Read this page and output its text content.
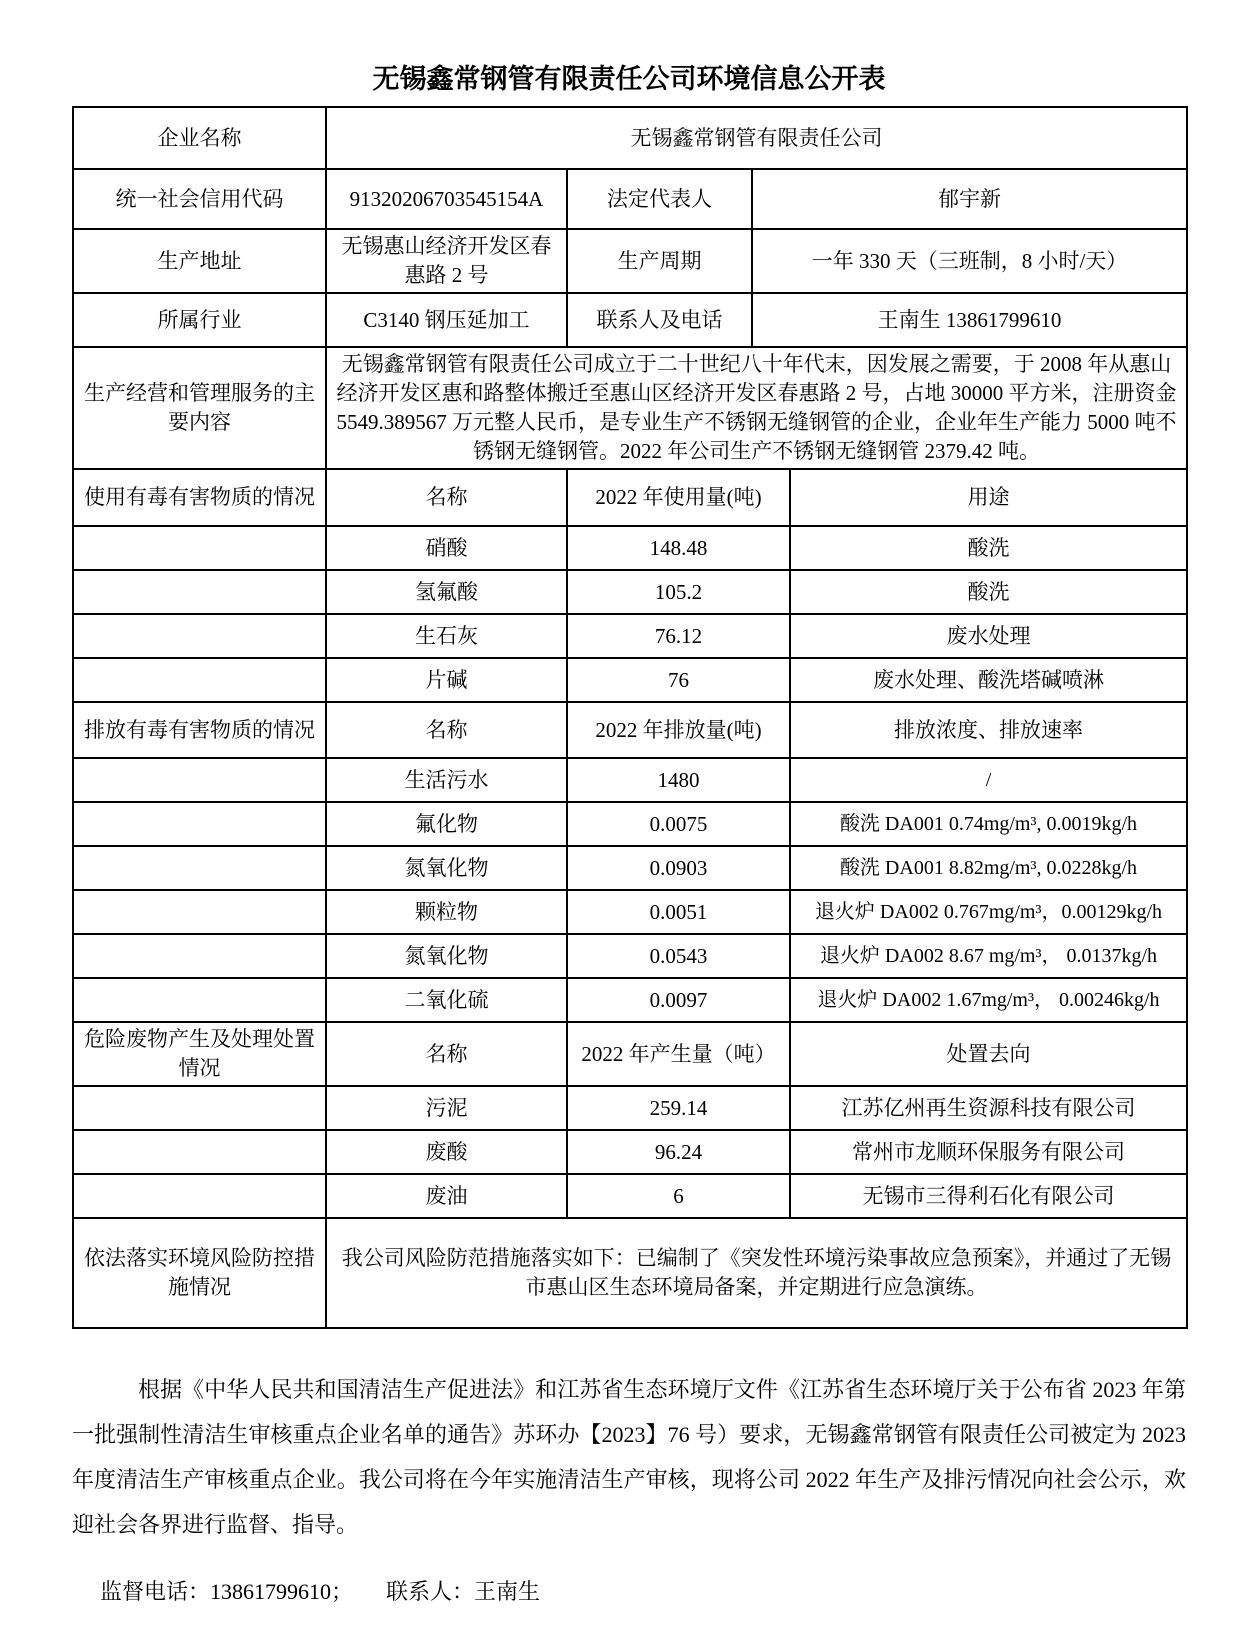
无锡鑫常钢管有限责任公司环境信息公开表
企业名称	无锡鑫常钢管有限责任公司		
统一社会信用代码	91320206703545154A	法定代表人	郁宇新
生产地址	无锡惠山经济开发区春惠路 2 号	生产周期	一年 330 天（三班制，8 小时/天）
所属行业	C3140 钢压延加工	联系人及电话	王南生 13861799610
生产经营和管理服务的主要内容	无锡鑫常钢管有限责任公司成立于二十世纪八十年代末，因发展之需要，于 2008 年从惠山经济开发区惠和路整体搬迁至惠山区经济开发区春惠路 2 号，占地 30000 平方米，注册资金 5549.389567 万元整人民币，是专业生产不锈钢无缝钢管的企业，企业年生产能力 5000 吨不锈钢无缝钢管。2022 年公司生产不锈钢无缝钢管 2379.42 吨。		
使用有毒有害物质的情况	名称	2022 年使用量(吨)	用途
	硝酸	148.48	酸洗
	氢氟酸	105.2	酸洗
	生石灰	76.12	废水处理
	片碱	76	废水处理、酸洗塔碱喷淋
排放有毒有害物质的情况	名称	2022 年排放量(吨)	排放浓度、排放速率
	生活污水	1480	/
	氟化物	0.0075	酸洗 DA001 0.74mg/m³, 0.0019kg/h
	氮氧化物	0.0903	酸洗 DA001 8.82mg/m³, 0.0228kg/h
	颗粒物	0.0051	退火炉 DA002 0.767mg/m³，0.00129kg/h
	氮氧化物	0.0543	退火炉 DA002 8.67 mg/m³， 0.0137kg/h
	二氧化硫	0.0097	退火炉 DA002 1.67mg/m³， 0.00246kg/h
危险废物产生及处理处置情况	名称	2022 年产生量（吨）	处置去向
	污泥	259.14	江苏亿州再生资源科技有限公司
	废酸	96.24	常州市龙顺环保服务有限公司
	废油	6	无锡市三得利石化有限公司
依法落实环境风险防控措施情况	我公司风险防范措施落实如下：已编制了《突发性环境污染事故应急预案》，并通过了无锡市惠山区生态环境局备案，并定期进行应急演练。		

根据《中华人民共和国清洁生产促进法》和江苏省生态环境厅文件《江苏省生态环境厅关于公布省 2023 年第一批强制性清洁生审核重点企业名单的通告》苏环办【2023】76 号）要求，无锡鑫常钢管有限责任公司被定为 2023 年度清洁生产审核重点企业。我公司将在今年实施清洁生产审核，现将公司 2022 年生产及排污情况向社会公示，欢迎社会各界进行监督、指导。

监督电话：13861799610；　　联系人：王南生
